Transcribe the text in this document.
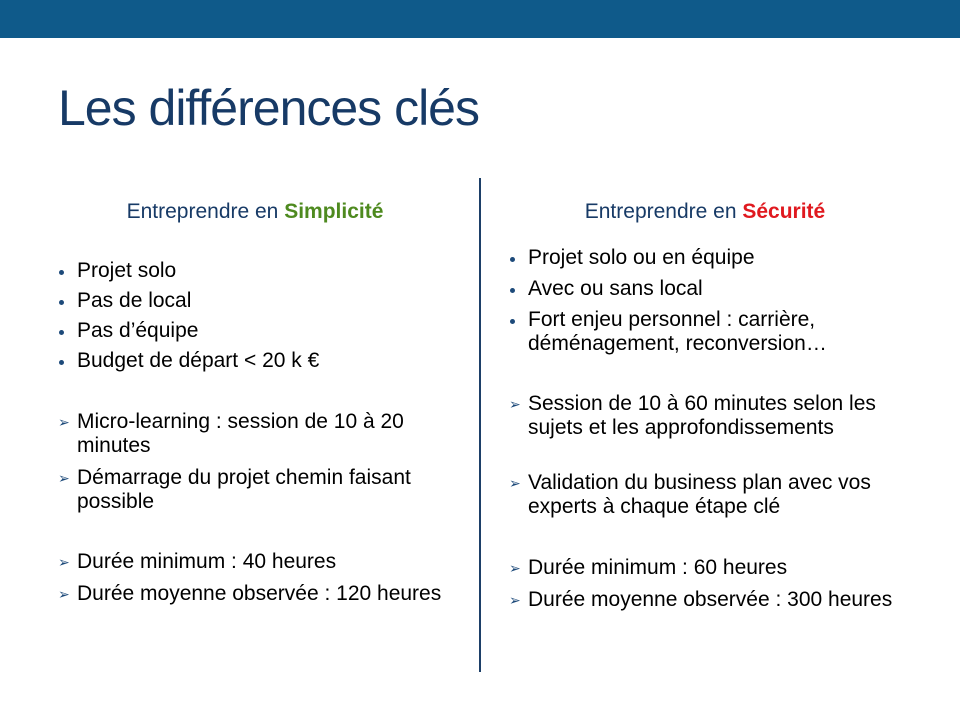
Les différences clés
Entreprendre en Simplicité	Entreprendre en Sécurité
Projet solo
Pas de local
Pas d’équipe
Budget de départ < 20 k €
➢ Micro-learning : session de 10 à 20 minutes
➢ Démarrage du projet chemin faisant possible
➢ Durée minimum : 40 heures
➢ Durée moyenne observée : 120 heures
Projet solo ou en équipe
Avec ou sans local
Fort enjeu personnel : carrière, déménagement, reconversion…
➢ Session de 10 à 60 minutes selon les sujets et les approfondissements
➢ Validation du business plan avec vos experts à chaque étape clé
➢ Durée minimum : 60 heures
➢ Durée moyenne observée : 300 heures
